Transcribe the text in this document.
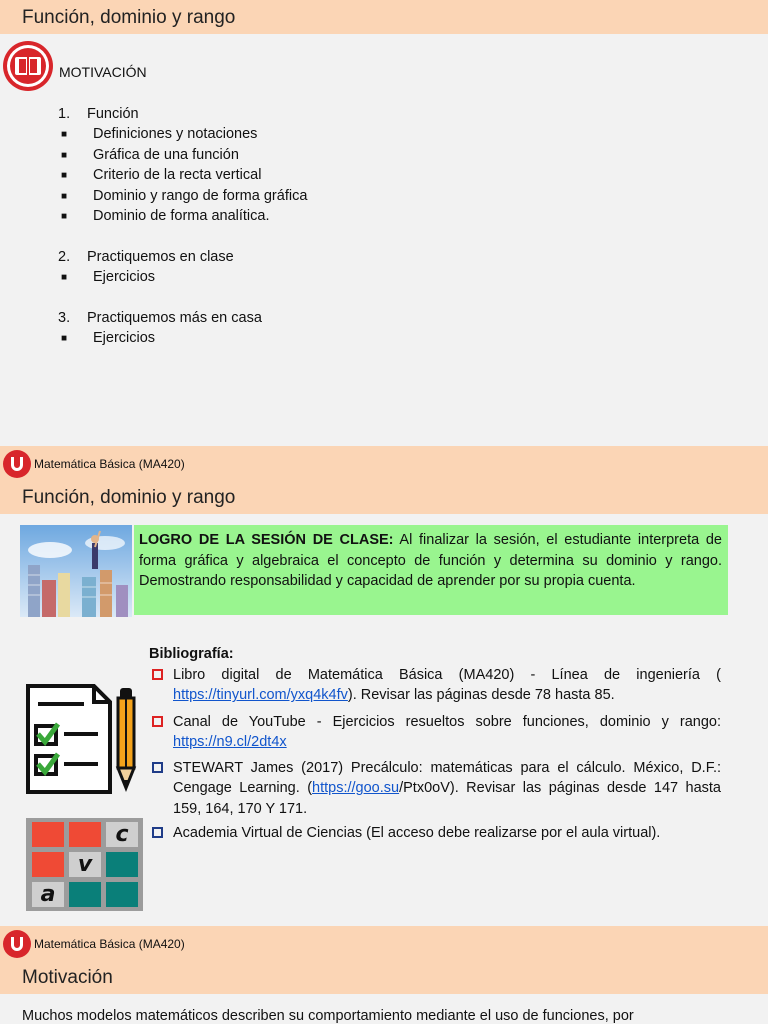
Función, dominio y rango
MOTIVACIÓN
1. Función
■ Definiciones y notaciones
■ Gráfica de una función
■ Criterio de la recta vertical
■ Dominio y rango de forma gráfica
■ Dominio de forma analítica.
2. Practiquemos en clase
■ Ejercicios
3. Practiquemos más en casa
■ Ejercicios
Matemática Básica (MA420)
Función, dominio y rango
LOGRO DE LA SESIÓN DE CLASE: Al finalizar la sesión, el estudiante interpreta de forma gráfica y algebraica el concepto de función y determina su dominio y rango. Demostrando responsabilidad y capacidad de aprender por su propia cuenta.
Bibliografía:
Libro digital de Matemática Básica (MA420) - Línea de ingeniería ( https://tinyurl.com/yxq4k4fv). Revisar las páginas desde 78 hasta 85.
Canal de YouTube - Ejercicios resueltos sobre funciones, dominio y rango: https://n9.cl/2dt4x
STEWART James (2017) Precálculo: matemáticas para el cálculo. México, D.F.: Cengage Learning. (https://goo.su/Ptx0oV). Revisar las páginas desde 147 hasta 159, 164, 170 Y 171.
Academia Virtual de Ciencias (El acceso debe realizarse por el aula virtual).
c
v
a
Matemática Básica (MA420)
Motivación
Muchos modelos matemáticos describen su comportamiento mediante el uso de funciones, por
